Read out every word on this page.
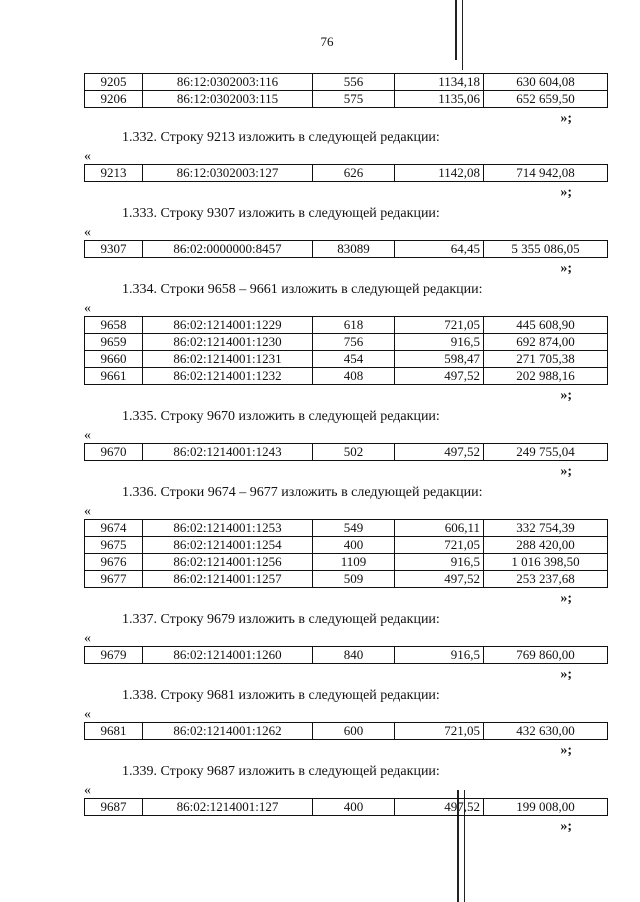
76
9205	86:12:0302003:116	556	1134,18	630 604,08
9206	86:12:0302003:115	575	1135,06	652 659,50
»;
1.332. Строку 9213 изложить в следующей редакции:
«
9213	86:12:0302003:127	626	1142,08	714 942,08
»;
1.333. Строку 9307 изложить в следующей редакции:
«
9307	86:02:0000000:8457	83089	64,45	5 355 086,05
»;
1.334. Строки 9658 – 9661 изложить в следующей редакции:
«
9658	86:02:1214001:1229	618	721,05	445 608,90
9659	86:02:1214001:1230	756	916,5	692 874,00
9660	86:02:1214001:1231	454	598,47	271 705,38
9661	86:02:1214001:1232	408	497,52	202 988,16
»;
1.335. Строку 9670 изложить в следующей редакции:
«
9670	86:02:1214001:1243	502	497,52	249 755,04
»;
1.336. Строки 9674 – 9677 изложить в следующей редакции:
«
9674	86:02:1214001:1253	549	606,11	332 754,39
9675	86:02:1214001:1254	400	721,05	288 420,00
9676	86:02:1214001:1256	1109	916,5	1 016 398,50
9677	86:02:1214001:1257	509	497,52	253 237,68
»;
1.337. Строку 9679 изложить в следующей редакции:
«
9679	86:02:1214001:1260	840	916,5	769 860,00
»;
1.338. Строку 9681 изложить в следующей редакции:
«
9681	86:02:1214001:1262	600	721,05	432 630,00
»;
1.339. Строку 9687 изложить в следующей редакции:
«
9687	86:02:1214001:127	400	497,52	199 008,00
»;
